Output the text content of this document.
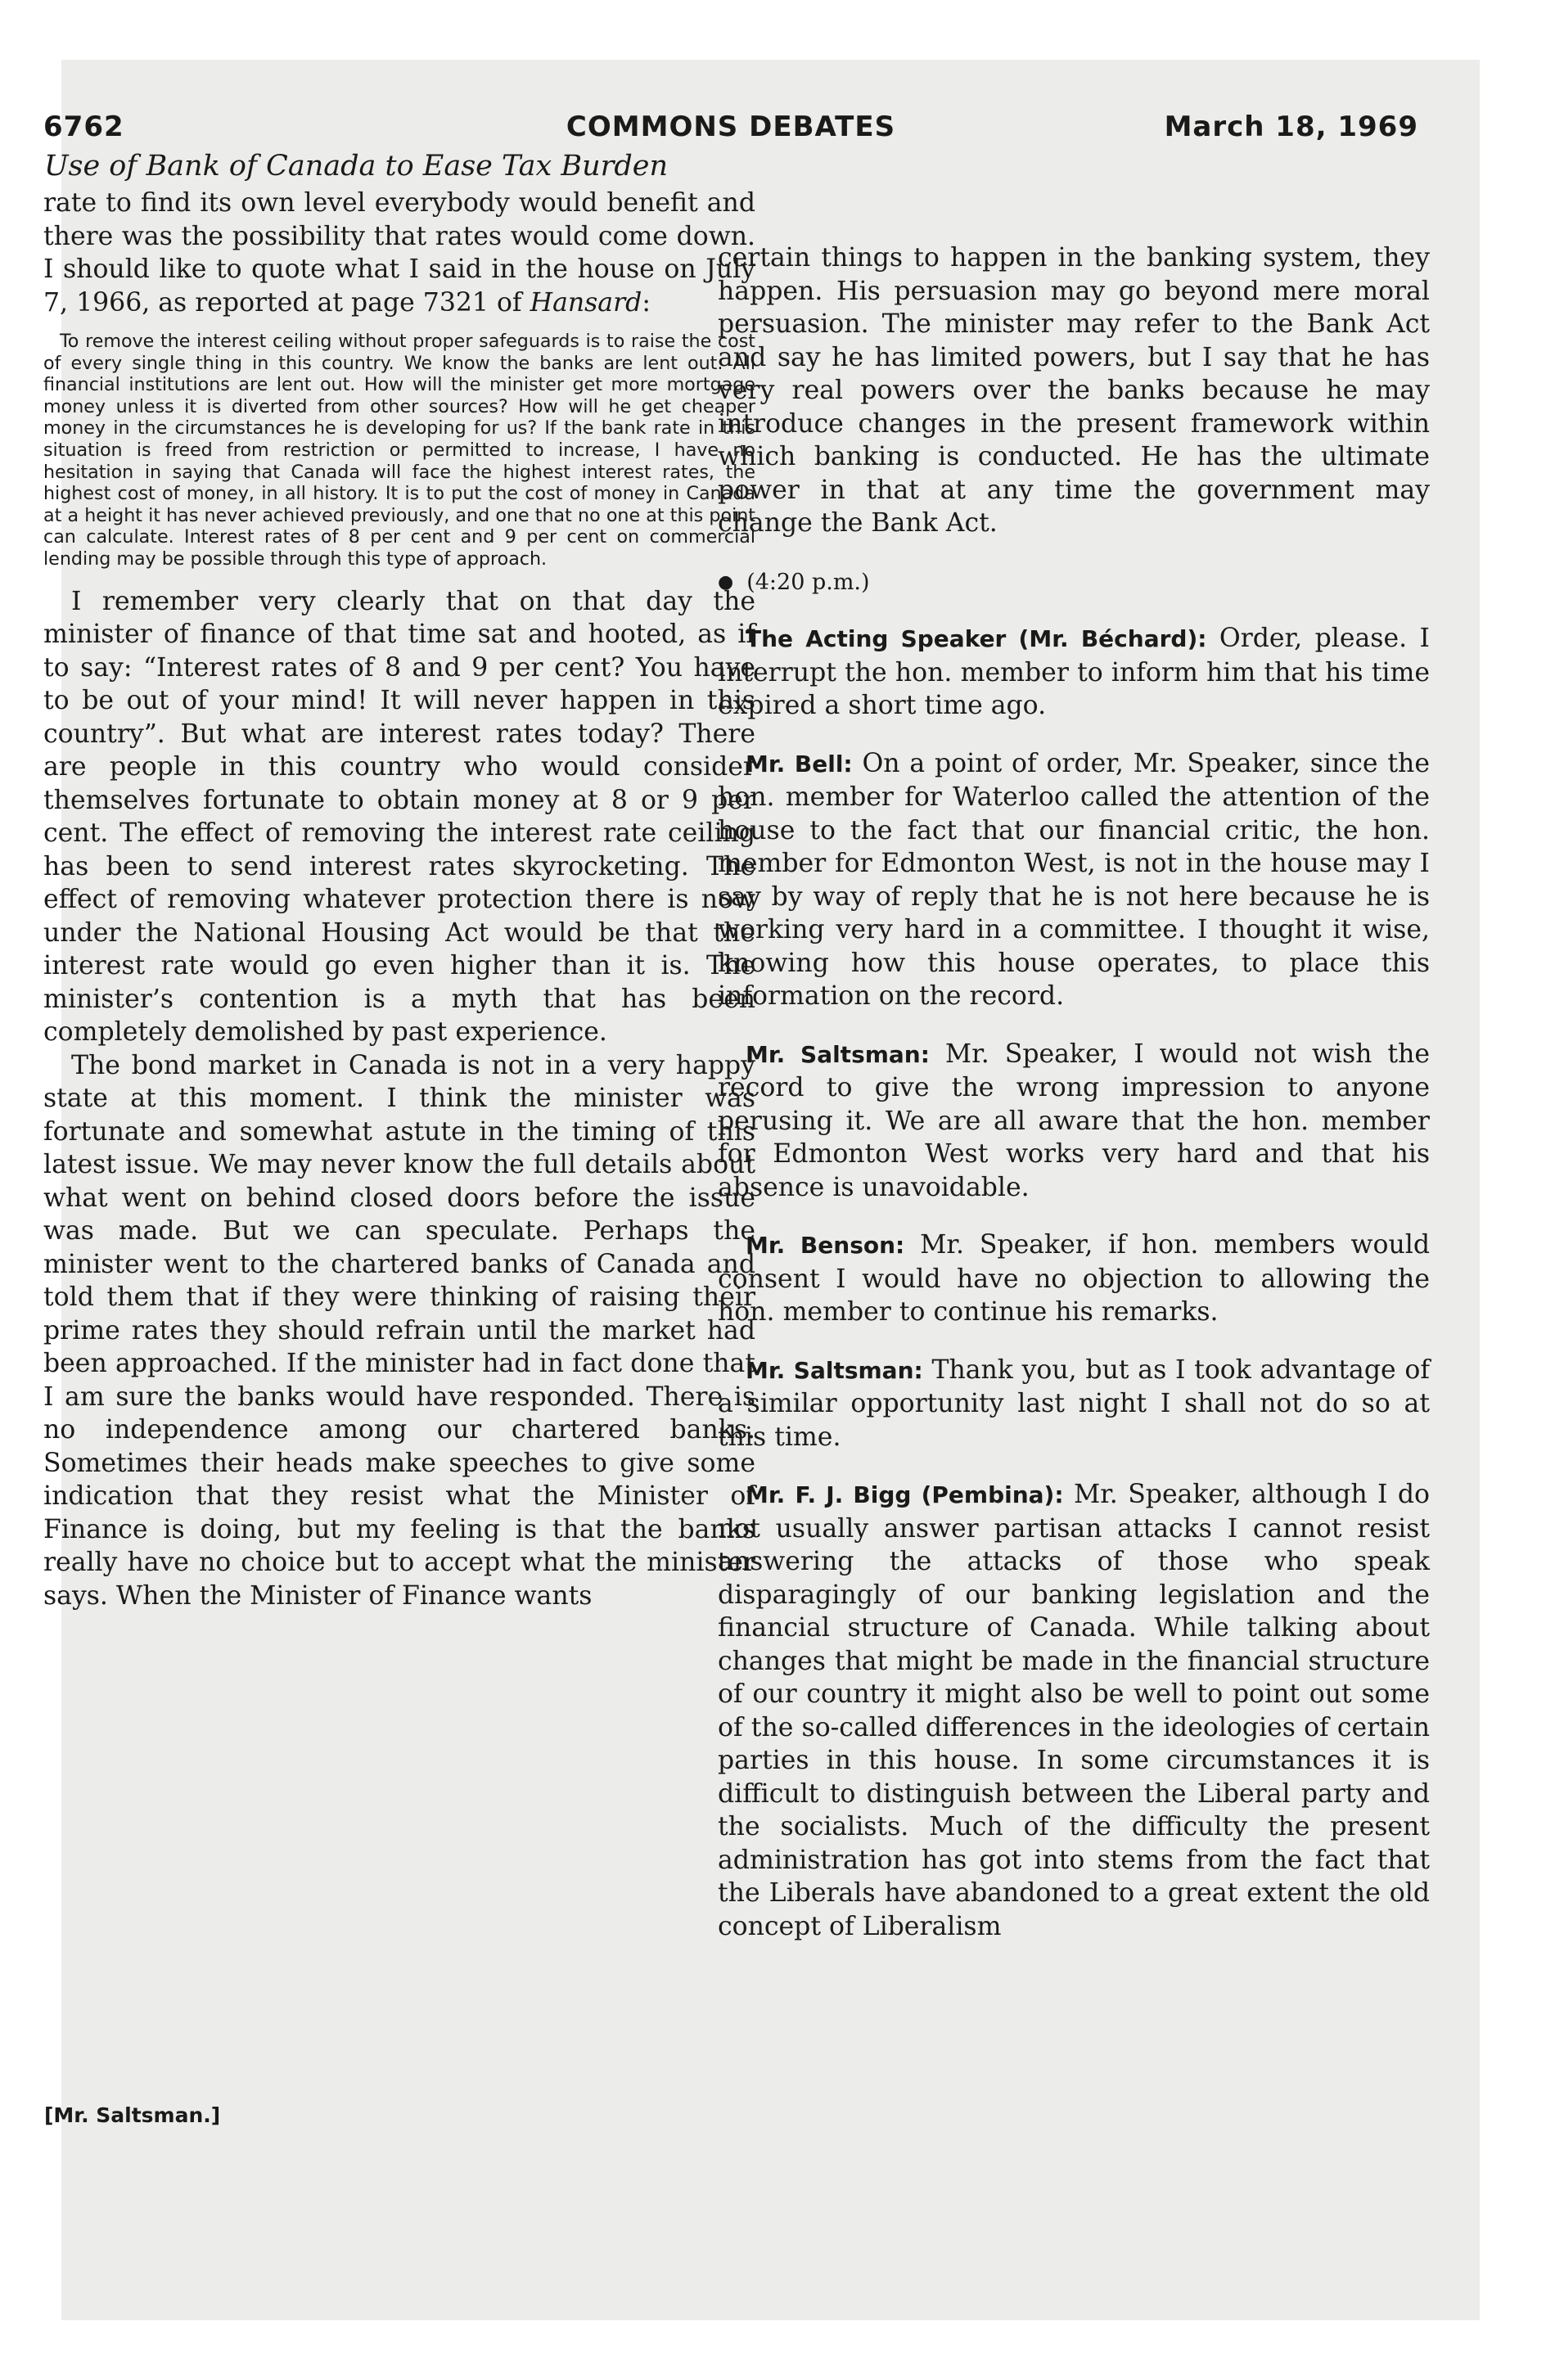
6762	COMMONS DEBATES	March 18, 1969
Use of Bank of Canada to Ease Tax Burden

rate to find its own level everybody would benefit and there was the possibility that rates would come down. I should like to quote what I said in the house on July 7, 1966, as reported at page 7321 of Hansard:

To remove the interest ceiling without proper safeguards is to raise the cost of every single thing in this country. We know the banks are lent out. All financial institutions are lent out. How will the minister get more mortgage money unless it is diverted from other sources? How will he get cheaper money in the circumstances he is developing for us? If the bank rate in this situation is freed from restriction or permitted to increase, I have no hesitation in saying that Canada will face the highest interest rates, the highest cost of money, in all history. It is to put the cost of money in Canada at a height it has never achieved previously, and one that no one at this point can calculate. Interest rates of 8 per cent and 9 per cent on commercial lending may be possible through this type of approach.

I remember very clearly that on that day the minister of finance of that time sat and hooted, as if to say: “Interest rates of 8 and 9 per cent? You have to be out of your mind! It will never happen in this country”. But what are interest rates today? There are people in this country who would consider themselves fortunate to obtain money at 8 or 9 per cent. The effect of removing the interest rate ceiling has been to send interest rates skyrocketing. The effect of removing whatever protection there is now under the National Housing Act would be that the interest rate would go even higher than it is. The minister’s contention is a myth that has been completely demolished by past experience.

The bond market in Canada is not in a very happy state at this moment. I think the minister was fortunate and somewhat astute in the timing of this latest issue. We may never know the full details about what went on behind closed doors before the issue was made. But we can speculate. Perhaps the minister went to the chartered banks of Canada and told them that if they were thinking of raising their prime rates they should refrain until the market had been approached. If the minister had in fact done that I am sure the banks would have responded. There is no independence among our chartered banks. Sometimes their heads make speeches to give some indication that they resist what the Minister of Finance is doing, but my feeling is that the banks really have no choice but to accept what the minister says. When the Minister of Finance wants

certain things to happen in the banking system, they happen. His persuasion may go beyond mere moral persuasion. The minister may refer to the Bank Act and say he has limited powers, but I say that he has very real powers over the banks because he may introduce changes in the present framework within which banking is conducted. He has the ultimate power in that at any time the government may change the Bank Act.

● (4:20 p.m.)

The Acting Speaker (Mr. Béchard): Order, please. I interrupt the hon. member to inform him that his time expired a short time ago.

Mr. Bell: On a point of order, Mr. Speaker, since the hon. member for Waterloo called the attention of the house to the fact that our financial critic, the hon. member for Edmonton West, is not in the house may I say by way of reply that he is not here because he is working very hard in a committee. I thought it wise, knowing how this house operates, to place this information on the record.

Mr. Saltsman: Mr. Speaker, I would not wish the record to give the wrong impression to anyone perusing it. We are all aware that the hon. member for Edmonton West works very hard and that his absence is unavoidable.

Mr. Benson: Mr. Speaker, if hon. members would consent I would have no objection to allowing the hon. member to continue his remarks.

Mr. Saltsman: Thank you, but as I took advantage of a similar opportunity last night I shall not do so at this time.

Mr. F. J. Bigg (Pembina): Mr. Speaker, although I do not usually answer partisan attacks I cannot resist answering the attacks of those who speak disparagingly of our banking legislation and the financial structure of Canada. While talking about changes that might be made in the financial structure of our country it might also be well to point out some of the so-called differences in the ideologies of certain parties in this house. In some circumstances it is difficult to distinguish between the Liberal party and the socialists. Much of the difficulty the present administration has got into stems from the fact that the Liberals have abandoned to a great extent the old concept of Liberalism

[Mr. Saltsman.]
